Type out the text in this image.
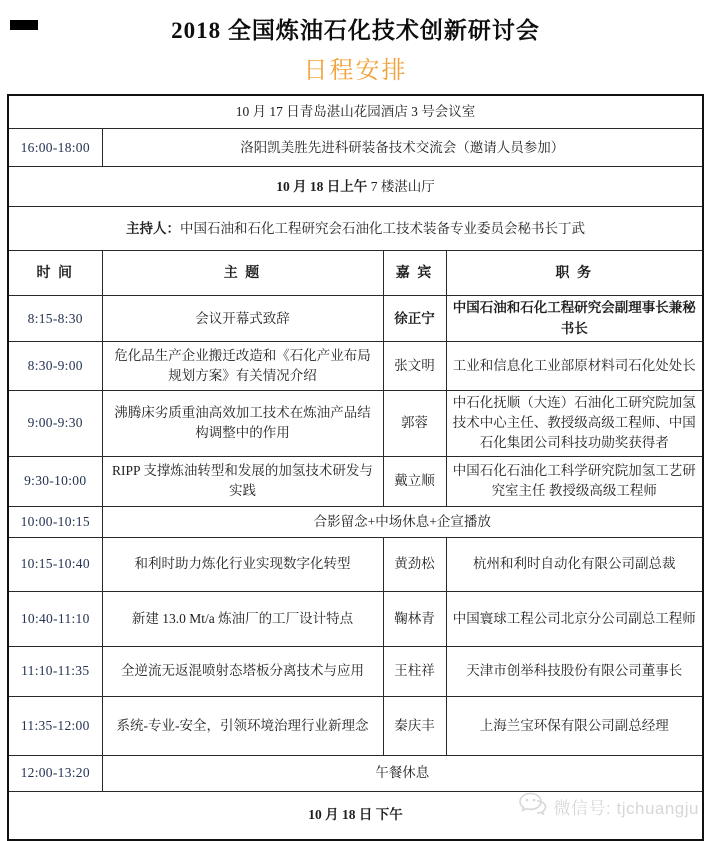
2018 全国炼油石化技术创新研讨会
日程安排
10 月 17 日青岛湛山花园酒店 3 号会议室			
16:00-18:00	洛阳凯美胜先进科研装备技术交流会（邀请人员参加）		
10 月 18 日上午 7 楼湛山厅			
主持人：中国石油和石化工程研究会石油化工技术装备专业委员会秘书长丁武			
时 间	主 题	嘉 宾	职 务
8:15-8:30	会议开幕式致辞	徐正宁	中国石油和石化工程研究会副理事长兼秘书长
8:30-9:00	危化品生产企业搬迁改造和《石化产业布局规划方案》有关情况介绍	张文明	工业和信息化工业部原材料司石化处处长
9:00-9:30	沸腾床劣质重油高效加工技术在炼油产品结构调整中的作用	郭蓉	中石化抚顺（大连）石油化工研究院加氢技术中心主任、教授级高级工程师、中国石化集团公司科技功勋奖获得者
9:30-10:00	RIPP 支撑炼油转型和发展的加氢技术研发与实践	戴立顺	中国石化石油化工科学研究院加氢工艺研究室主任 教授级高级工程师
10:00-10:15	合影留念+中场休息+企宣播放		
10:15-10:40	和利时助力炼化行业实现数字化转型	黄劲松	杭州和利时自动化有限公司副总裁
10:40-11:10	新建 13.0 Mt/a 炼油厂的工厂设计特点	鞠林青	中国寰球工程公司北京分公司副总工程师
11:10-11:35	全逆流无返混喷射态塔板分离技术与应用	王柱祥	天津市创举科技股份有限公司董事长
11:35-12:00	系统-专业-安全，引领环境治理行业新理念	秦庆丰	上海兰宝环保有限公司副总经理
12:00-13:20	午餐休息		
10 月 18 日 下午				微信号: tjchuangju
